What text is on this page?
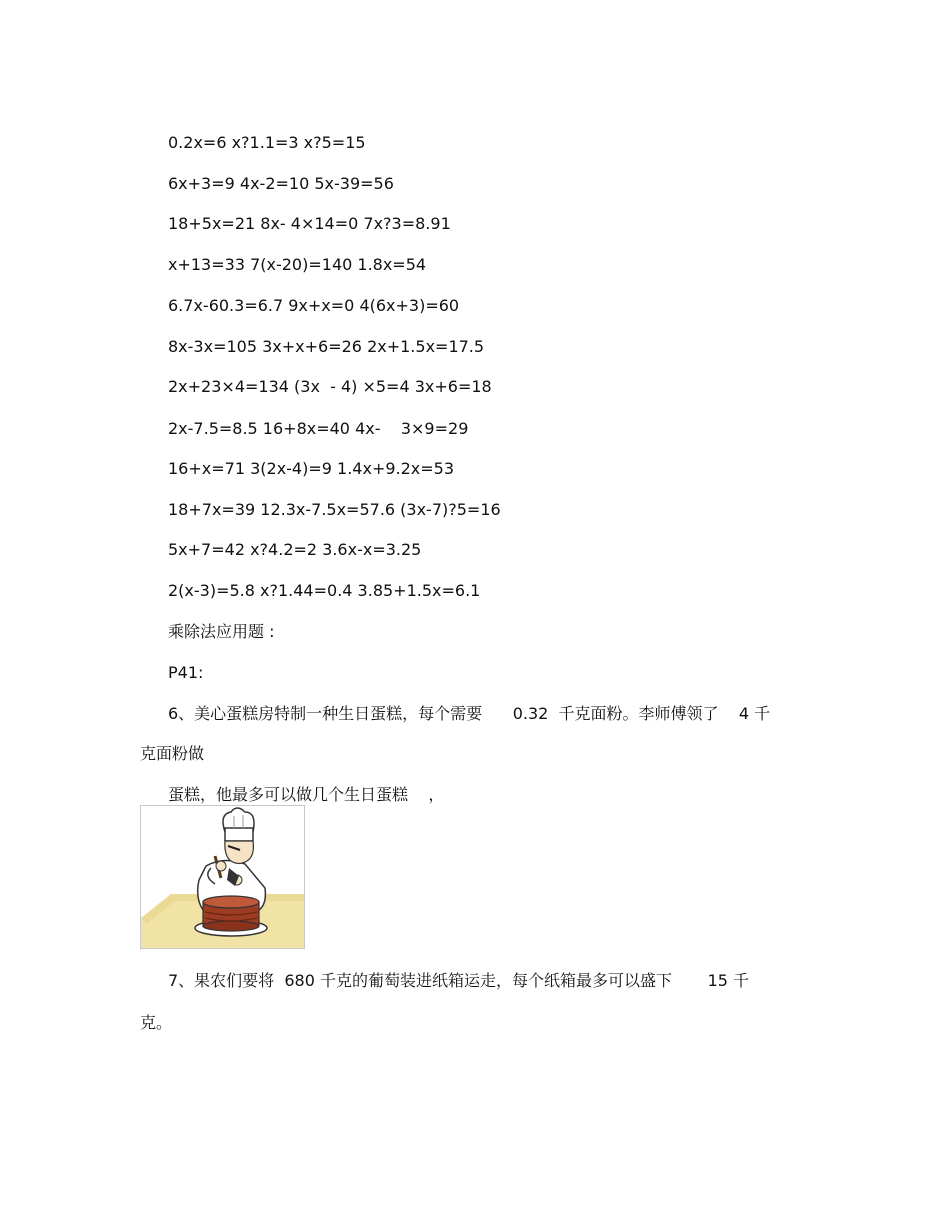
0.2x=6 x?1.1=3 x?5=15
6x+3=9 4x-2=10 5x-39=56
18+5x=21 8x- 4×14=0 7x?3=8.91
x+13=33 7(x-20)=140 1.8x=54
6.7x-60.3=6.7 9x+x=0 4(6x+3)=60
8x-3x=105 3x+x+6=26 2x+1.5x=17.5
2x+23×4=134 (3x  - 4) ×5=4 3x+6=18
2x-7.5=8.5 16+8x=40 4x-    3×9=29
16+x=71 3(2x-4)=9 1.4x+9.2x=53
18+7x=39 12.3x-7.5x=57.6 (3x-7)?5=16
5x+7=42 x?4.2=2 3.6x-x=3.25
2(x-3)=5.8 x?1.44=0.4 3.85+1.5x=6.1
乘除法应用题 :
P41:
6、美心蛋糕房特制一种生日蛋糕，每个需要      0.32  千克面粉。李师傅领了    4 千
克面粉做
蛋糕，他最多可以做几个生日蛋糕    ，
7、果农们要将  680 千克的葡萄装进纸箱运走，每个纸箱最多可以盛下       15 千
克。
